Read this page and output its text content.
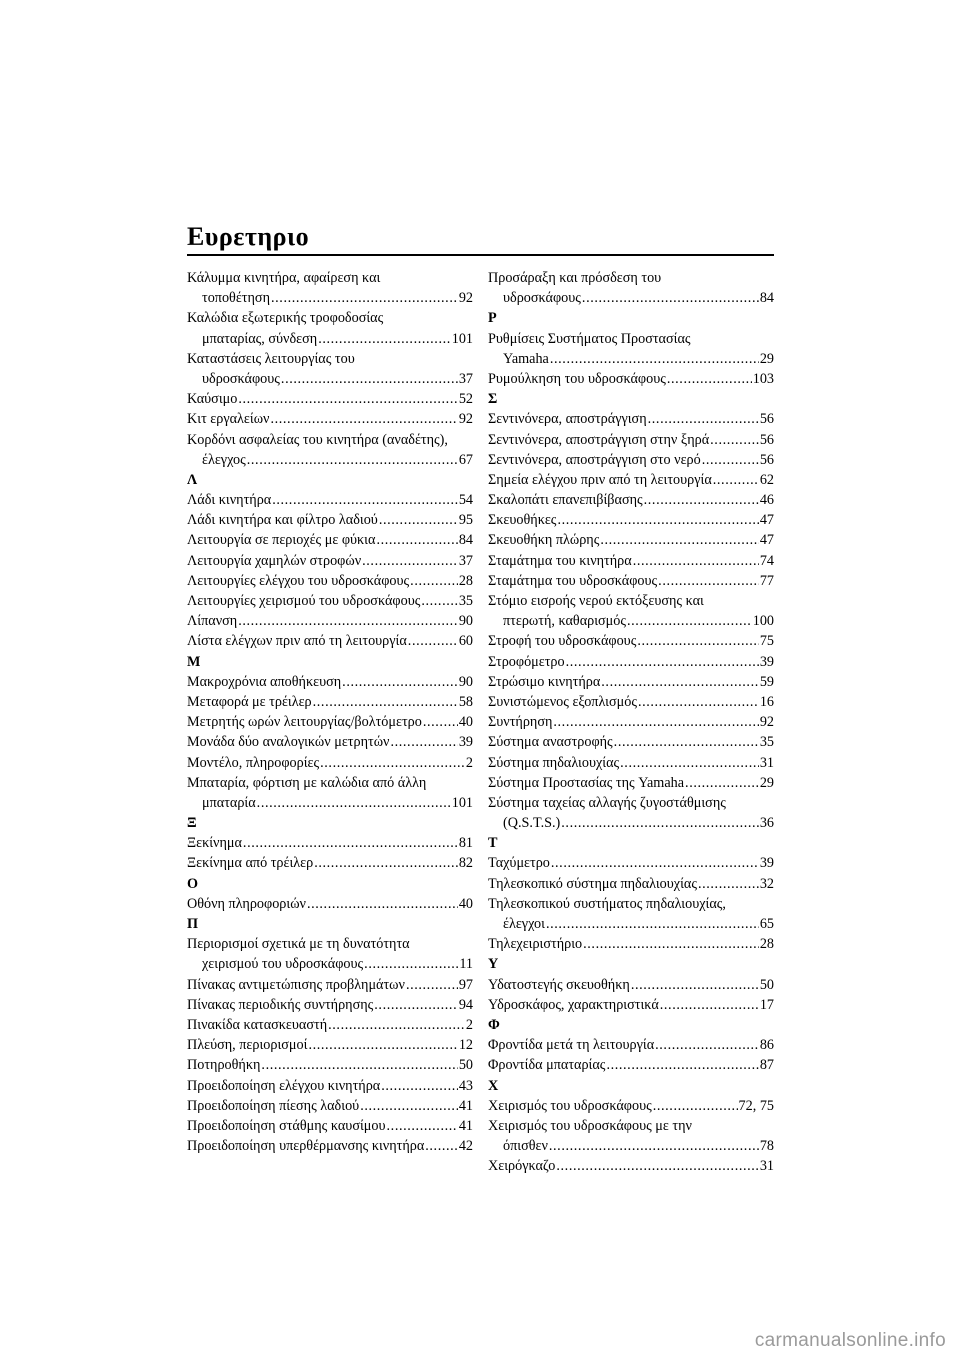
Ευρετηριο
Κάλυμμα κινητήρα, αφαίρεση και
τοποθέτηση .....	92
Καλώδια εξωτερικής τροφοδοσίας
μπαταρίας, σύνδεση .....	101
Καταστάσεις λειτουργίας του
υδροσκάφους .....	37
Καύσιμο .....	52
Κιτ εργαλείων .....	92
Κορδόνι ασφαλείας του κινητήρα (αναδέτης),
έλεγχος .....	67
Λ
Λάδι κινητήρα .....	54
Λάδι κινητήρα και φίλτρο λαδιού .....	95
Λειτουργία σε περιοχές με φύκια .....	84
Λειτουργία χαμηλών στροφών .....	37
Λειτουργίες ελέγχου του υδροσκάφους .....	28
Λειτουργίες χειρισμού του υδροσκάφους .....	35
Λίπανση .....	90
Λίστα ελέγχων πριν από τη λειτουργία .....	60
Μ
Μακροχρόνια αποθήκευση .....	90
Μεταφορά με τρέιλερ .....	58
Μετρητής ωρών λειτουργίας/βολτόμετρο .....	40
Μονάδα δύο αναλογικών μετρητών .....	39
Μοντέλο, πληροφορίες .....	2
Μπαταρία, φόρτιση με καλώδια από άλλη
μπαταρία .....	101
Ξ
Ξεκίνημα .....	81
Ξεκίνημα από τρέιλερ .....	82
Ο
Οθόνη πληροφοριών .....	40
Π
Περιορισμοί σχετικά με τη δυνατότητα
χειρισμού του υδροσκάφους .....	11
Πίνακας αντιμετώπισης προβλημάτων .....	97
Πίνακας περιοδικής συντήρησης .....	94
Πινακίδα κατασκευαστή .....	2
Πλεύση, περιορισμοί .....	12
Ποτηροθήκη .....	50
Προειδοποίηση ελέγχου κινητήρα .....	43
Προειδοποίηση πίεσης λαδιού .....	41
Προειδοποίηση στάθμης καυσίμου .....	41
Προειδοποίηση υπερθέρμανσης κινητήρα ..... 42
Προσάραξη και πρόσδεση του
υδροσκάφους .....	84
Ρ
Ρυθμίσεις Συστήματος Προστασίας
Yamaha .....	29
Ρυμούλκηση του υδροσκάφους .....	103
Σ
Σεντινόνερα, αποστράγγιση .....	56
Σεντινόνερα, αποστράγγιση στην ξηρά .....	56
Σεντινόνερα, αποστράγγιση στο νερό .....	56
Σημεία ελέγχου πριν από τη λειτουργία .....	62
Σκαλοπάτι επανεπιβίβασης .....	46
Σκευοθήκες .....	47
Σκευοθήκη πλώρης .....	47
Σταμάτημα του κινητήρα .....	74
Σταμάτημα του υδροσκάφους .....	77
Στόμιο εισροής νερού εκτόξευσης και
πτερωτή, καθαρισμός .....	100
Στροφή του υδροσκάφους .....	75
Στροφόμετρο .....	39
Στρώσιμο κινητήρα .....	59
Συνιστώμενος εξοπλισμός .....	16
Συντήρηση .....	92
Σύστημα αναστροφής .....	35
Σύστημα πηδαλιουχίας .....	31
Σύστημα Προστασίας της Yamaha .....	29
Σύστημα ταχείας αλλαγής ζυγοστάθμισης
(Q.S.T.S.) .....	36
Τ
Ταχύμετρο .....	39
Τηλεσκοπικό σύστημα πηδαλιουχίας .....	32
Τηλεσκοπικού συστήματος πηδαλιουχίας,
έλεγχοι .....	65
Τηλεχειριστήριο .....	28
Υ
Υδατοστεγής σκευοθήκη .....	50
Υδροσκάφος, χαρακτηριστικά .....	17
Φ
Φροντίδα μετά τη λειτουργία .....	86
Φροντίδα μπαταρίας .....	87
Χ
Χειρισμός του υδροσκάφους .....	72, 75
Χειρισμός του υδροσκάφους με την
όπισθεν .....	78
Χειρόγκαζο .....	31
carmanualsonline.info
